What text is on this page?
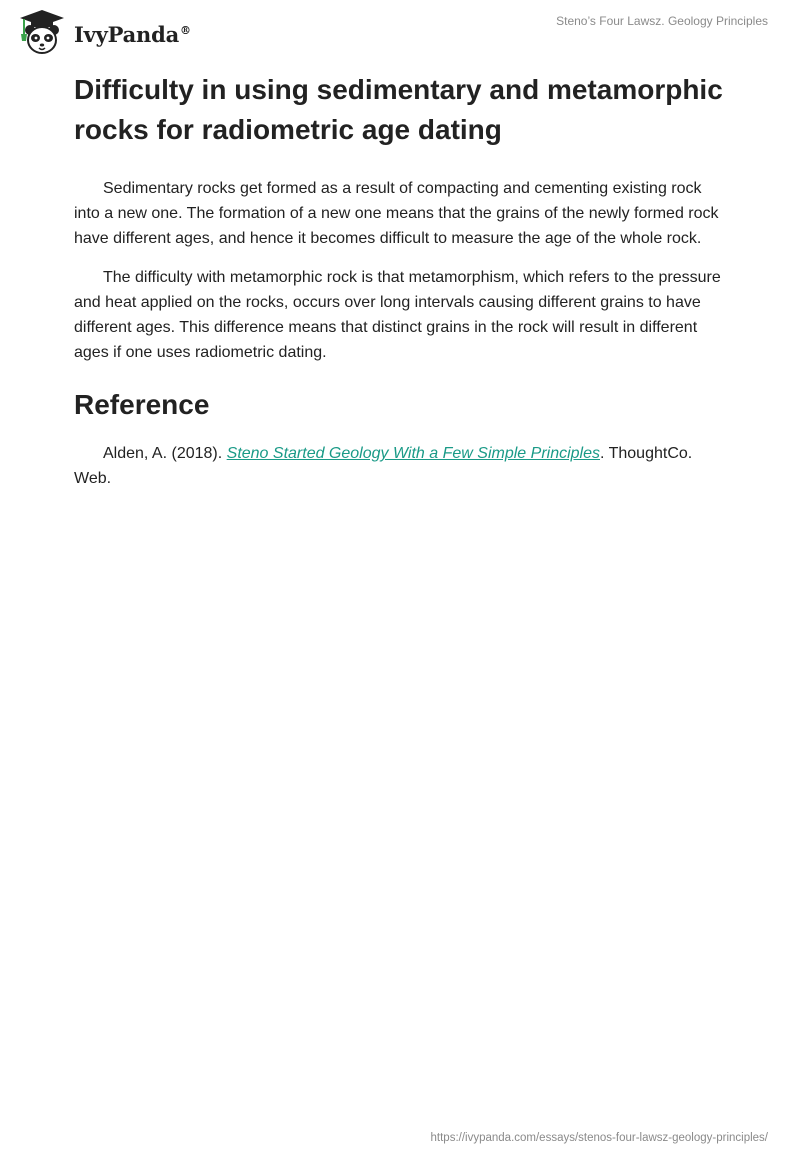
IvyPanda®
Steno’s Four Lawsz. Geology Principles
Difficulty in using sedimentary and metamorphic rocks for radiometric age dating

Sedimentary rocks get formed as a result of compacting and cementing existing rock into a new one. The formation of a new one means that the grains of the newly formed rock have different ages, and hence it becomes difficult to measure the age of the whole rock.

The difficulty with metamorphic rock is that metamorphism, which refers to the pressure and heat applied on the rocks, occurs over long intervals causing different grains to have different ages. This difference means that distinct grains in the rock will result in different ages if one uses radiometric dating.

Reference

Alden, A. (2018). Steno Started Geology With a Few Simple Principles. ThoughtCo. Web.

https://ivypanda.com/essays/stenos-four-lawsz-geology-principles/
